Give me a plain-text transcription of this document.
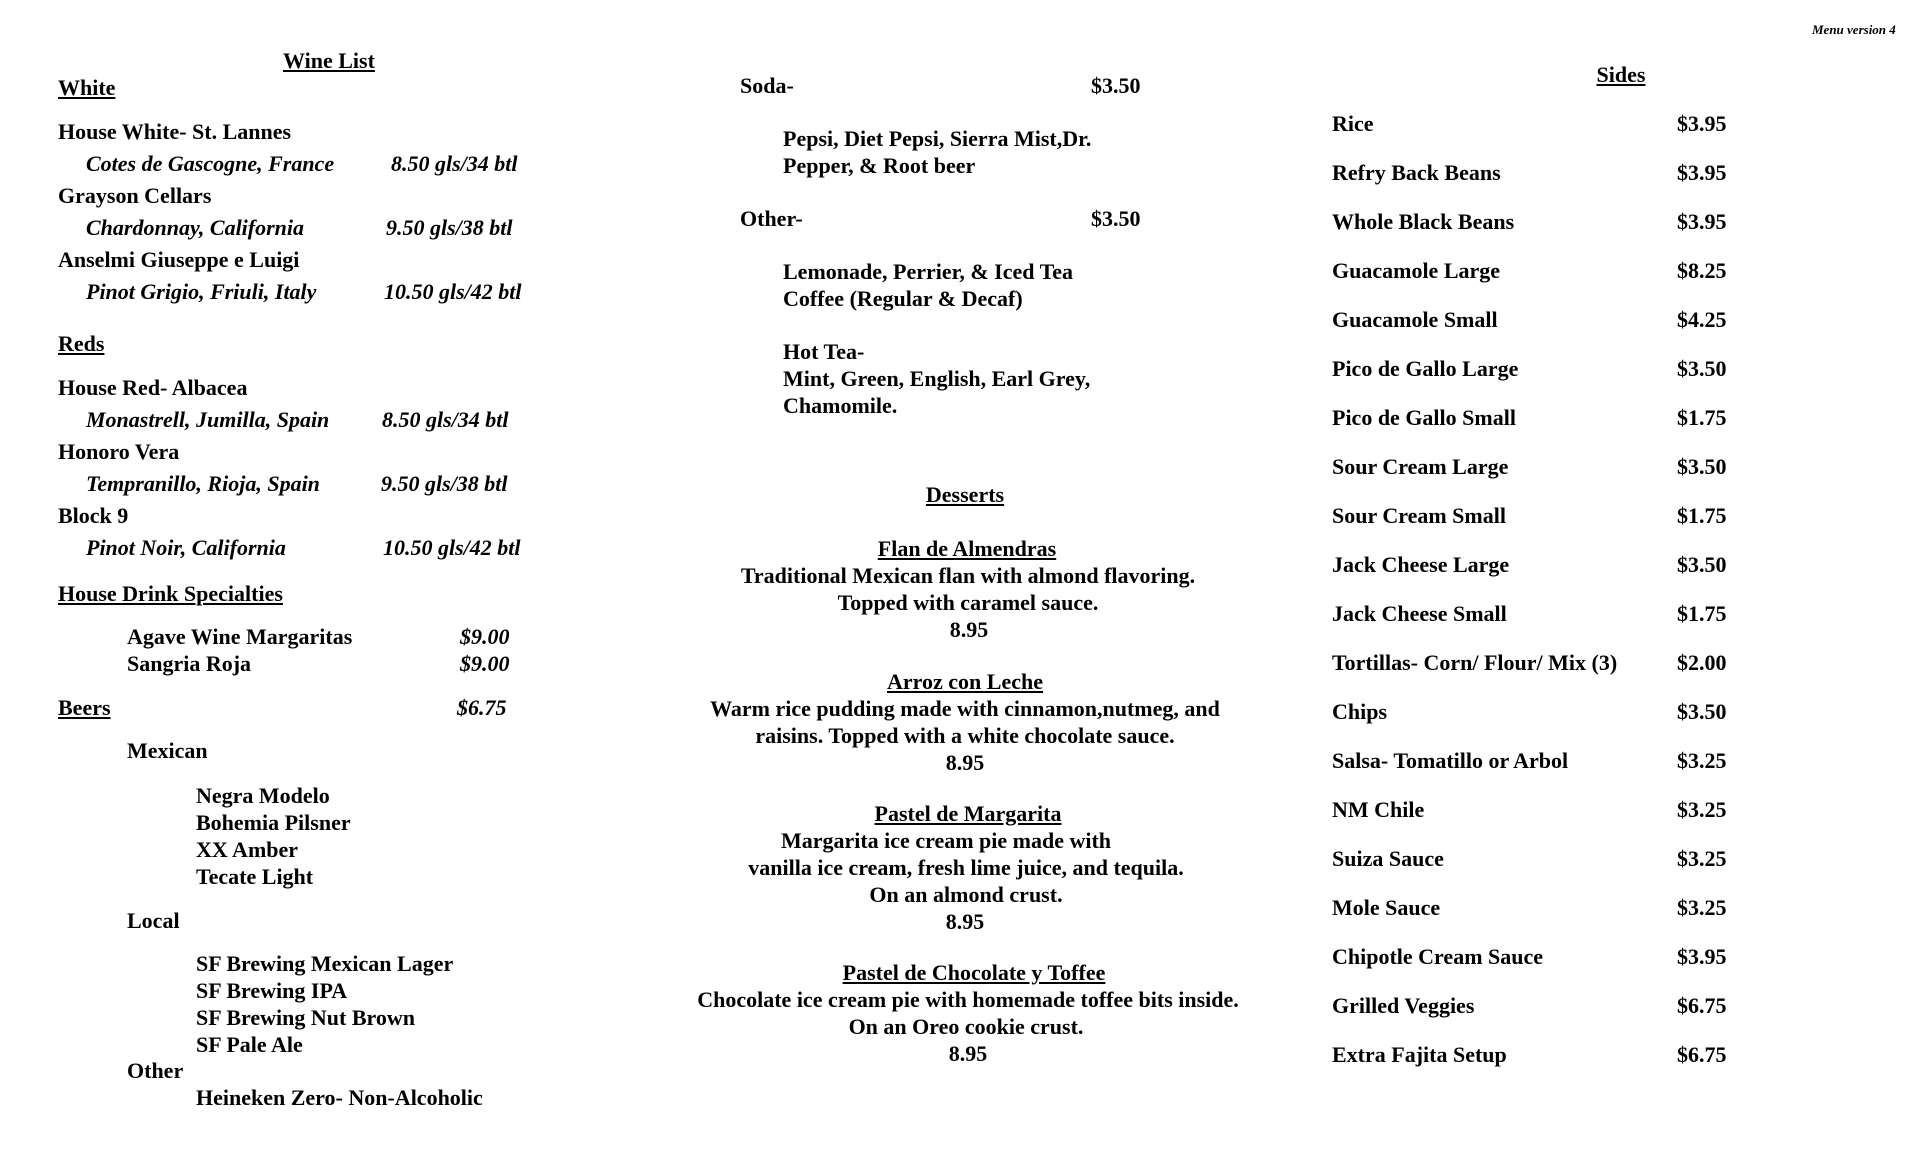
Menu version 4
Wine List
White
House White- St. Lannes
Cotes de Gascogne, France	8.50 gls/34 btl
Grayson Cellars
Chardonnay, California	9.50 gls/38 btl
Anselmi Giuseppe e Luigi
Pinot Grigio, Friuli, Italy	10.50 gls/42 btl
Reds
House Red- Albacea
Monastrell, Jumilla, Spain 8.50 gls/34 btl
Honoro Vera
Tempranillo, Rioja, Spain	9.50 gls/38 btl
Block 9
Pinot Noir, California	10.50 gls/42 btl
House Drink Specialties
Agave Wine Margaritas	$9.00
Sangria Roja	$9.00
Beers	$6.75
Mexican
Negra Modelo
Bohemia Pilsner
XX Amber
Tecate Light
Local
SF Brewing Mexican Lager
SF Brewing IPA
SF Brewing Nut Brown
SF Pale Ale
Other
Heineken Zero- Non-Alcoholic
Soda-	$3.50
Pepsi, Diet Pepsi, Sierra Mist,Dr.
Pepper, & Root beer
Other-	$3.50
Lemonade, Perrier, & Iced Tea
Coffee (Regular & Decaf)
Hot Tea-
Mint, Green, English, Earl Grey,
Chamomile.
Desserts
Flan de Almendras
Traditional Mexican flan with almond flavoring.
Topped with caramel sauce.
8.95
Arroz con Leche
Warm rice pudding made with cinnamon,nutmeg, and
raisins. Topped with a white chocolate sauce.
8.95
Pastel de Margarita
Margarita ice cream pie made with
vanilla ice cream, fresh lime juice, and tequila.
On an almond crust.
8.95
Pastel de Chocolate y Toffee
Chocolate ice cream pie with homemade toffee bits inside.
On an Oreo cookie crust.
8.95
Sides
Rice	$3.95
Refry Back Beans	$3.95
Whole Black Beans	$3.95
Guacamole Large	$8.25
Guacamole Small	$4.25
Pico de Gallo Large	$3.50
Pico de Gallo Small	$1.75
Sour Cream Large	$3.50
Sour Cream Small	$1.75
Jack Cheese Large	$3.50
Jack Cheese Small	$1.75
Tortillas- Corn/ Flour/ Mix (3)	$2.00
Chips	$3.50
Salsa- Tomatillo or Arbol	$3.25
NM Chile	$3.25
Suiza Sauce	$3.25
Mole Sauce	$3.25
Chipotle Cream Sauce	$3.95
Grilled Veggies	$6.75
Extra Fajita Setup	$6.75
